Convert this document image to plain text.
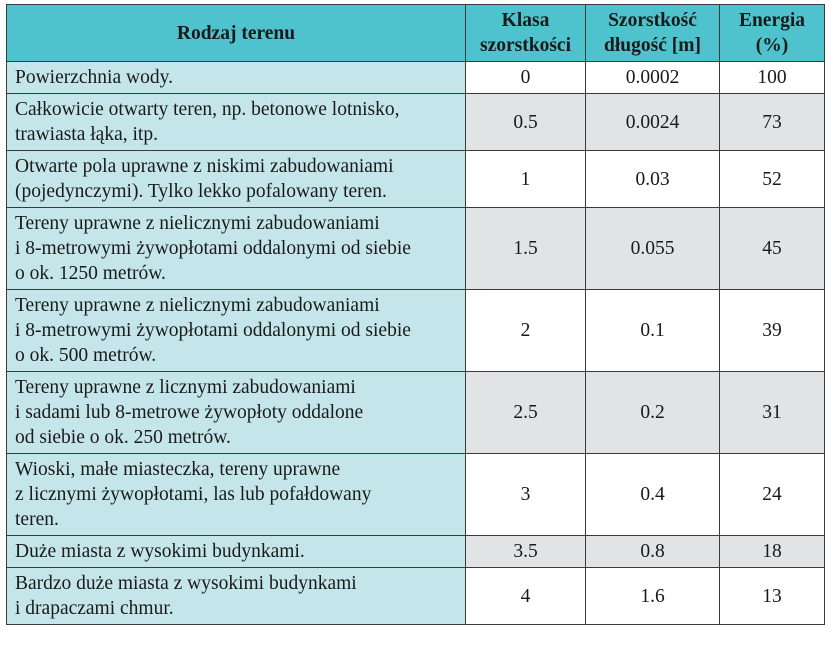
Rodzaj terenu	Klasa szorstkości	Szorstkość długość [m]	Energia (%)

Powierzchnia wody.	0	0.0002	100

Całkowicie otwarty teren, np. betonowe lotnisko,
trawiasta łąka, itp.	0.5	0.0024	73

Otwarte pola uprawne z niskimi zabudowaniami
(pojedynczymi). Tylko lekko pofalowany teren.	1	0.03	52

Tereny uprawne z nielicznymi zabudowaniami
i 8-metrowymi żywopłotami oddalonymi od siebie
o ok. 1250 metrów.	1.5	0.055	45

Tereny uprawne z nielicznymi zabudowaniami
i 8-metrowymi żywopłotami oddalonymi od siebie
o ok. 500 metrów.	2	0.1	39

Tereny uprawne z licznymi zabudowaniami
i sadami lub 8-metrowe żywopłoty oddalone
od siebie o ok. 250 metrów.	2.5	0.2	31

Wioski, małe miasteczka, tereny uprawne
z licznymi żywopłotami, las lub pofałdowany
teren.	3	0.4	24

Duże miasta z wysokimi budynkami.	3.5	0.8	18

Bardzo duże miasta z wysokimi budynkami
i drapaczami chmur.	4	1.6	13
